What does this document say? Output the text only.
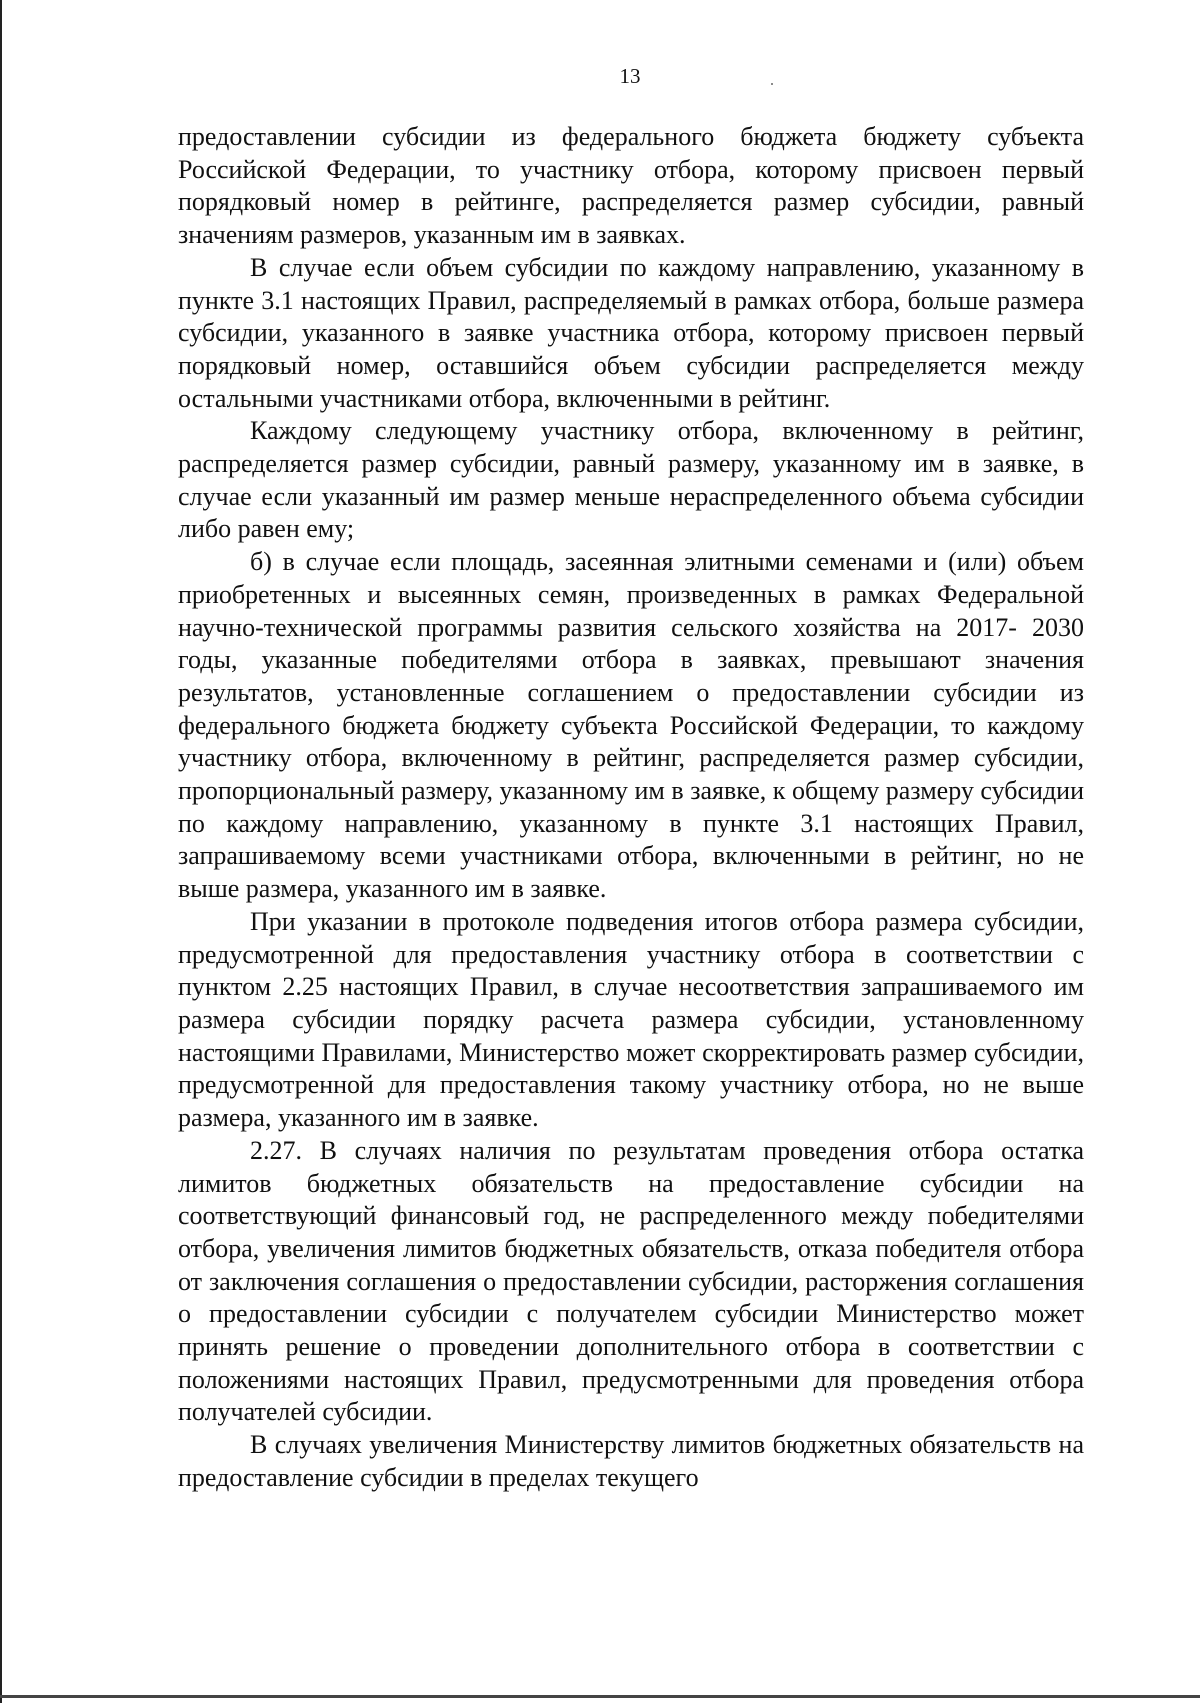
13

предоставлении субсидии из федерального бюджета бюджету субъекта Российской Федерации, то участнику отбора, которому присвоен первый порядковый номер в рейтинге, распределяется размер субсидии, равный значениям размеров, указанным им в заявках.

В случае если объем субсидии по каждому направлению, указанному в пункте 3.1 настоящих Правил, распределяемый в рамках отбора, больше размера субсидии, указанного в заявке участника отбора, которому присвоен первый порядковый номер, оставшийся объем субсидии распределяется между остальными участниками отбора, включенными в рейтинг.

Каждому следующему участнику отбора, включенному в рейтинг, распределяется размер субсидии, равный размеру, указанному им в заявке, в случае если указанный им размер меньше нераспределенного объема субсидии либо равен ему;

б) в случае если площадь, засеянная элитными семенами и (или) объем приобретенных и высеянных семян, произведенных в рамках Федеральной научно-технической программы развития сельского хозяйства на 2017- 2030 годы, указанные победителями отбора в заявках, превышают значения результатов, установленные соглашением о предоставлении субсидии из федерального бюджета бюджету субъекта Российской Федерации, то каждому участнику отбора, включенному в рейтинг, распределяется размер субсидии, пропорциональный размеру, указанному им в заявке, к общему размеру субсидии по каждому направлению, указанному в пункте 3.1 настоящих Правил, запрашиваемому всеми участниками отбора, включенными в рейтинг, но не выше размера, указанного им в заявке.

При указании в протоколе подведения итогов отбора размера субсидии, предусмотренной для предоставления участнику отбора в соответствии с пунктом 2.25 настоящих Правил, в случае несоответствия запрашиваемого им размера субсидии порядку расчета размера субсидии, установленному настоящими Правилами, Министерство может скорректировать размер субсидии, предусмотренной для предоставления такому участнику отбора, но не выше размера, указанного им в заявке.

2.27. В случаях наличия по результатам проведения отбора остатка лимитов бюджетных обязательств на предоставление субсидии на соответствующий финансовый год, не распределенного между победителями отбора, увеличения лимитов бюджетных обязательств, отказа победителя отбора от заключения соглашения о предоставлении субсидии, расторжения соглашения о предоставлении субсидии с получателем субсидии Министерство может принять решение о проведении дополнительного отбора в соответствии с положениями настоящих Правил, предусмотренными для проведения отбора получателей субсидии.

В случаях увеличения Министерству лимитов бюджетных обязательств на предоставление субсидии в пределах текущего
